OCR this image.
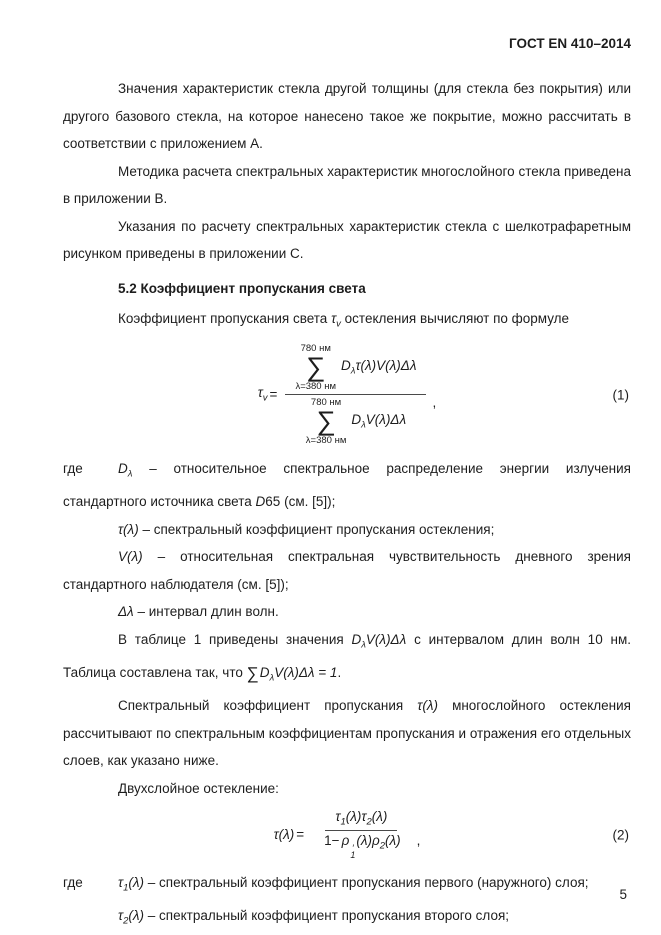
ГОСТ EN 410–2014

Значения характеристик стекла другой толщины (для стекла без покрытия) или другого базового стекла, на которое нанесено такое же покрытие, можно рассчитать в соответствии с приложением А.

Методика расчета спектральных характеристик многослойного стекла приведена в приложении В.

Указания по расчету спектральных характеристик стекла с шелкотрафаретным рисунком приведены в приложении С.

5.2 Коэффициент пропускания света

Коэффициент пропускания света $\tau_v$ остекления вычисляют по формуле

$\tau_v$ =
780 нм
∑
λ=380 нм
$D_\lambda\tau(\lambda)V(\lambda)\Delta\lambda$
780 нм
∑
λ=380 нм
$D_\lambda V(\lambda)\Delta\lambda$
,
(1)

где	$D_\lambda$ – относительное спектральное распределение энергии излучения стандартного источника света D65 (см. [5]);

τ(λ) – спектральный коэффициент пропускания остекления;

V(λ) – относительная спектральная чувствительность дневного зрения стандартного наблюдателя (см. [5]);

Δλ – интервал длин волн.

В таблице 1 приведены значения $D_\lambda V(\lambda)\Delta\lambda$ с интервалом длин волн 10 нм. Таблица составлена так, что $\sum D_\lambda V(\lambda)\Delta\lambda = 1$.

Спектральный коэффициент пропускания τ(λ) многослойного остекления рассчитывают по спектральным коэффициентам пропускания и отражения его отдельных слоев, как указано ниже.

Двухслойное остекление:

$\tau(\lambda) = \tau_1(\lambda)\tau_2(\lambda)$
1− ρ ′
1
$(\lambda)\rho_2(\lambda)$ ,	(2)

где	$\tau_1(\lambda)$ – спектральный коэффициент пропускания первого (наружного) слоя;

$\tau_2(\lambda)$ – спектральный коэффициент пропускания второго слоя;

5
